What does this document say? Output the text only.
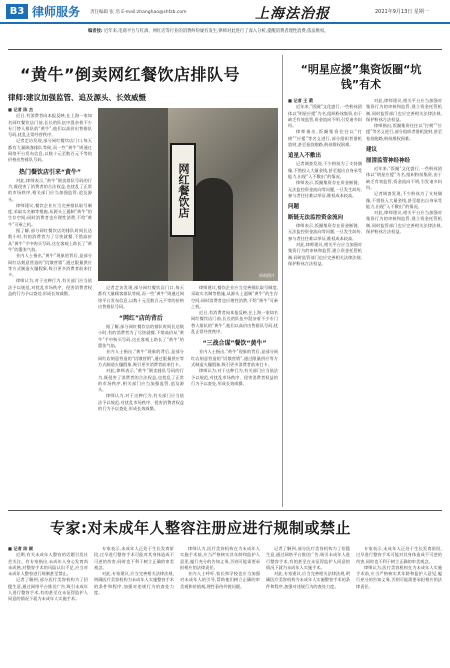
B3 律师服务 责任编辑 张 浩 E-mail:zhanghao@shfzb.com	上海法治报	2021年9月13日 星期一
编者按: 近年来,电商平台与红酒、网红店等行业的消费纠纷屡有发生,律师对此进行了深入分析,提醒消费者理性消费,依法维权。
“黄牛”倒卖网红餐饮店排队号
律师:建议加强监管、追及源头、长效威慑
“明星应援”集资饭圈“坑钱”有术

■ 记者 陈 杰

近日,有消费者向本报反映,在上海一家知名网红餐饮店门前,长长的队伍中混杂着不少专门替人排队的“黄牛”,他们以高价出售排队号码,扰乱正常经营秩序。

记者走访发现,部分网红餐饮店门口,每天都有大量顾客排队等候,而一些“黄牛”则通过网络平台发布信息,以数十元至数百元不等的价格出售排队号码。

热门餐饮店引来“黄牛”

对此,律师表示,“黄牛”倒卖排队号码的行为,既侵害了消费者的合法权益,也扰乱了正常的市场秩序,相关部门应当加强监管,追及源头。

律师建议,餐饮企业应当完善排队取号制度,采取实名制等措施,从源头上遏制“黄牛”的生存空间;同时消费者也应理性消费,不给“黄牛”可乘之机。

据了解,部分网红餐饮店的排队时间长达数小时,有的消费者为了尽快就餐,不惜高价从“黄牛”手中购买号码,这在客观上助长了“黄牛”的嚣张气焰。

业内人士指出,“黄牛”现象的背后,是部分网红店刻意营造的“饥饿营销”,通过限量供应等方式制造火爆假象,吸引更多消费者前来打卡。

律师认为,对于这种行为,有关部门应当依法予以规范,对扰乱市场秩序、侵害消费者权益的行为予以查处,形成长效威慑。

网红餐饮店
资料图片

记者走访发现,部分网红餐饮店门口,每天都有大量顾客排队等候,而一些“黄牛”则通过网络平台发布信息,以数十元至数百元不等的价格出售排队号码。

“网红”店的背后

据了解,部分网红餐饮店的排队时间长达数小时,有的消费者为了尽快就餐,不惜高价从“黄牛”手中购买号码,这在客观上助长了“黄牛”的嚣张气焰。

业内人士指出,“黄牛”现象的背后,是部分网红店刻意营造的“饥饿营销”,通过限量供应等方式制造火爆假象,吸引更多消费者前来打卡。

对此,律师表示,“黄牛”倒卖排队号码的行为,既侵害了消费者的合法权益,也扰乱了正常的市场秩序,相关部门应当加强监管,追及源头。

律师认为,对于这种行为,有关部门应当依法予以规范,对扰乱市场秩序、侵害消费者权益的行为予以查处,形成长效威慑。

律师建议,餐饮企业应当完善排队取号制度,采取实名制等措施,从源头上遏制“黄牛”的生存空间;同时消费者也应理性消费,不给“黄牛”可乘之机。

近日,有消费者向本报反映,在上海一家知名网红餐饮店门前,长长的队伍中混杂着不少专门替人排队的“黄牛”,他们以高价出售排队号码,扰乱正常经营秩序。

“三战合谋”餐饮“黄牛”

业内人士指出,“黄牛”现象的背后,是部分网红店刻意营造的“饥饿营销”,通过限量供应等方式制造火爆假象,吸引更多消费者前来打卡。

律师认为,对于这种行为,有关部门应当依法予以规范,对扰乱市场秩序、侵害消费者权益的行为予以查处,形成长效威慑。

■ 记者 王 葳

近年来,“饭圈”文化盛行,一些粉丝团体以“明星应援”为名,组织粉丝集资,由于缺乏有效监管,资金流向不明,引发诸多纠纷。

律师指出,饭圈集资往往以“打榜”“应援”等名义进行,部分组织者借机敛财,甚至卷款跑路,粉丝维权困难。

追星入不敷出

记者调查发现,不少粉丝为了支持偶像,不惜投入大量金钱,甚至超出自身承受能力,出现“入不敷出”的情况。

律师表示,饭圈集资存在资金断链、无法监控资金流向等问题,一旦发生纠纷,参与者往往难以举证,维权成本较高。

问题
断链无法监控资金流向

律师表示,饭圈集资存在资金断链、无法监控资金流向等问题,一旦发生纠纷,参与者往往难以举证,维权成本较高。

对此,律师建议,相关平台应当加强对集资行为的审核和监管,建立资金托管机制,同时监管部门也应完善相关法律法规,保护粉丝合法权益。

对此,律师建议,相关平台应当加强对集资行为的审核和监管,建立资金托管机制,同时监管部门也应完善相关法律法规,保护粉丝合法权益。

律师指出,饭圈集资往往以“打榜”“应援”等名义进行,部分组织者借机敛财,甚至卷款跑路,粉丝维权困难。

建议
厘清监管神经神经

近年来,“饭圈”文化盛行,一些粉丝团体以“明星应援”为名,组织粉丝集资,由于缺乏有效监管,资金流向不明,引发诸多纠纷。

记者调查发现,不少粉丝为了支持偶像,不惜投入大量金钱,甚至超出自身承受能力,出现“入不敷出”的情况。

对此,律师建议,相关平台应当加强对集资行为的审核和监管,建立资金托管机制,同时监管部门也应完善相关法律法规,保护粉丝合法权益。

专家:对未成年人整容注册应进行规制或禁止

■ 记者 陈 颖

近期,有关未成年人整容的话题引发社会关注。有专家指出,未成年人身心发育尚未成熟,对整容手术的风险认识不足,应当对未成年人整容进行规制甚至禁止。

记者了解到,部分医疗美容机构为了招揽生意,通过网络平台推送广告,吸引未成年人进行整容手术,有的甚至在未征得监护人同意的情况下就为未成年人实施手术。

专家表示,未成年人正处于生长发育阶段,过早进行整容手术可能对其身体造成不可逆的伤害,同时也不利于树立正确的审美观念。

对此,专家建议,应当完善相关法律法规,明确医疗美容机构为未成年人实施整容手术的条件和程序,加强对违规行为的查处力度。

律师认为,医疗美容机构在为未成年人实施手术前,应当严格核实其年龄和监护人意见,履行充分的告知义务,否则可能需要承担相应的法律责任。

业内人士呼吁,家长和学校也应当加强对未成年人的引导,帮助他们树立正确的审美观和价值观,理性看待外貌问题。

记者了解到,部分医疗美容机构为了招揽生意,通过网络平台推送广告,吸引未成年人进行整容手术,有的甚至在未征得监护人同意的情况下就为未成年人实施手术。

对此,专家建议,应当完善相关法律法规,明确医疗美容机构为未成年人实施整容手术的条件和程序,加强对违规行为的查处力度。

专家表示,未成年人正处于生长发育阶段,过早进行整容手术可能对其身体造成不可逆的伤害,同时也不利于树立正确的审美观念。

律师认为,医疗美容机构在为未成年人实施手术前,应当严格核实其年龄和监护人意见,履行充分的告知义务,否则可能需要承担相应的法律责任。
